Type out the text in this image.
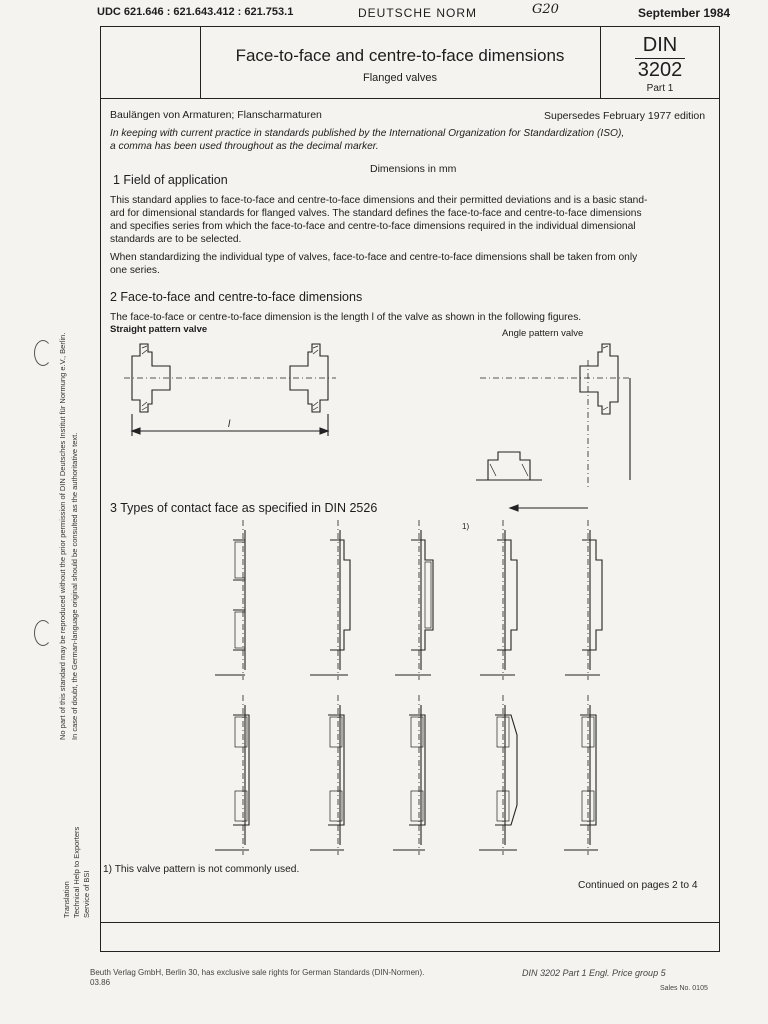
UDC 621.646 : 621.643.412 : 621.753.1	DEUTSCHE NORM	G20	September 1984
Face-to-face and centre-to-face dimensions
Flanged valves
DIN
3202
Part 1
Baulängen von Armaturen; Flanscharmaturen	Supersedes February 1977 edition
In keeping with current practice in standards published by the International Organization for Standardization (ISO),
a comma has been used throughout as the decimal marker.
Dimensions in mm
1 Field of application
This standard applies to face-to-face and centre-to-face dimensions and their permitted deviations and is a basic stand-
ard for dimensional standards for flanged valves. The standard defines the face-to-face and centre-to-face dimensions
and specifies series from which the face-to-face and centre-to-face dimensions required in the individual dimensional
standards are to be selected.
When standardizing the individual type of valves, face-to-face and centre-to-face dimensions shall be taken from only
one series.
2 Face-to-face and centre-to-face dimensions
The face-to-face or centre-to-face dimension is the length l of the valve as shown in the following figures.
Straight pattern valve	Angle pattern valve
l
3 Types of contact face as specified in DIN 2526
1)
1) This valve pattern is not commonly used.
Continued on pages 2 to 4
No part of this standard may be reproduced without the prior permission of DIN Deutsches Institut für Normung e.V., Berlin. In case of doubt, the German-language original should be consulted as the authoritative text.
Translation Technical Help to Exporters Service of BSI
Beuth Verlag GmbH, Berlin 30, has exclusive sale rights for German Standards (DIN-Normen).
03.86
DIN 3202 Part 1 Engl. Price group 5
Sales No. 0105
